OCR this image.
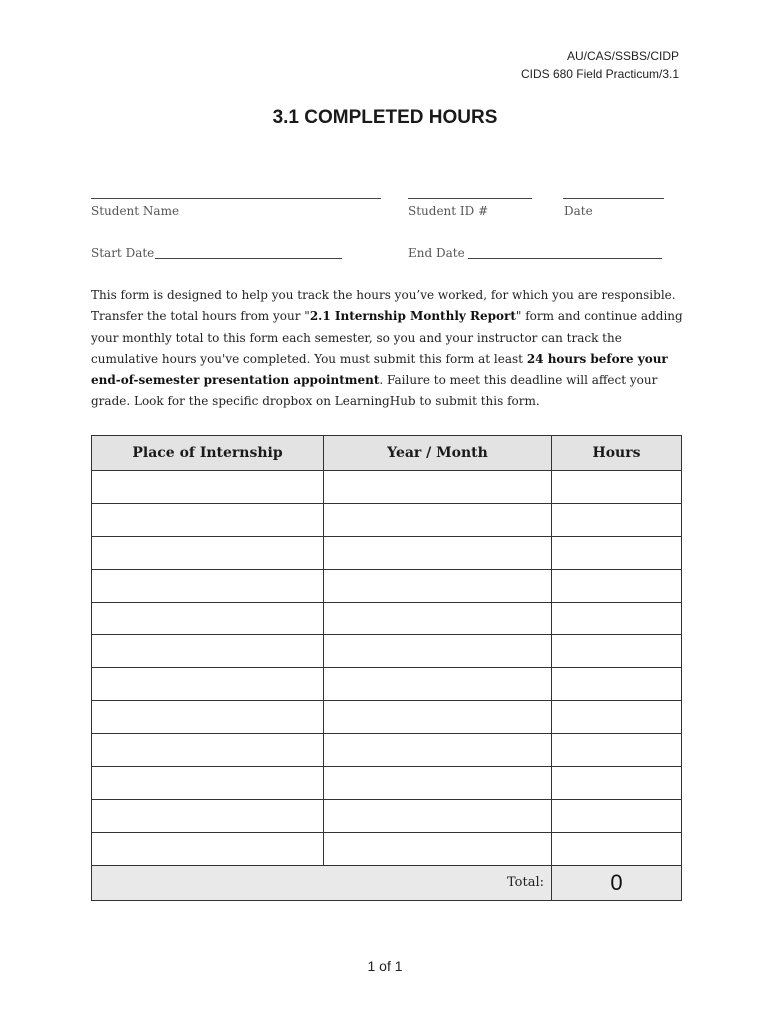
AU/CAS/SSBS/CIDP
CIDS 680 Field Practicum/3.1
3.1 COMPLETED HOURS
Student Name	Student ID #	Date
Start Date	End Date
This form is designed to help you track the hours you’ve worked, for which you are responsible. Transfer the total hours from your "2.1 Internship Monthly Report" form and continue adding your monthly total to this form each semester, so you and your instructor can track the cumulative hours you've completed. You must submit this form at least 24 hours before your end-of-semester presentation appointment. Failure to meet this deadline will affect your grade. Look for the specific dropbox on LearningHub to submit this form.
Place of Internship	Year / Month	Hours

Total:		0
1 of 1
